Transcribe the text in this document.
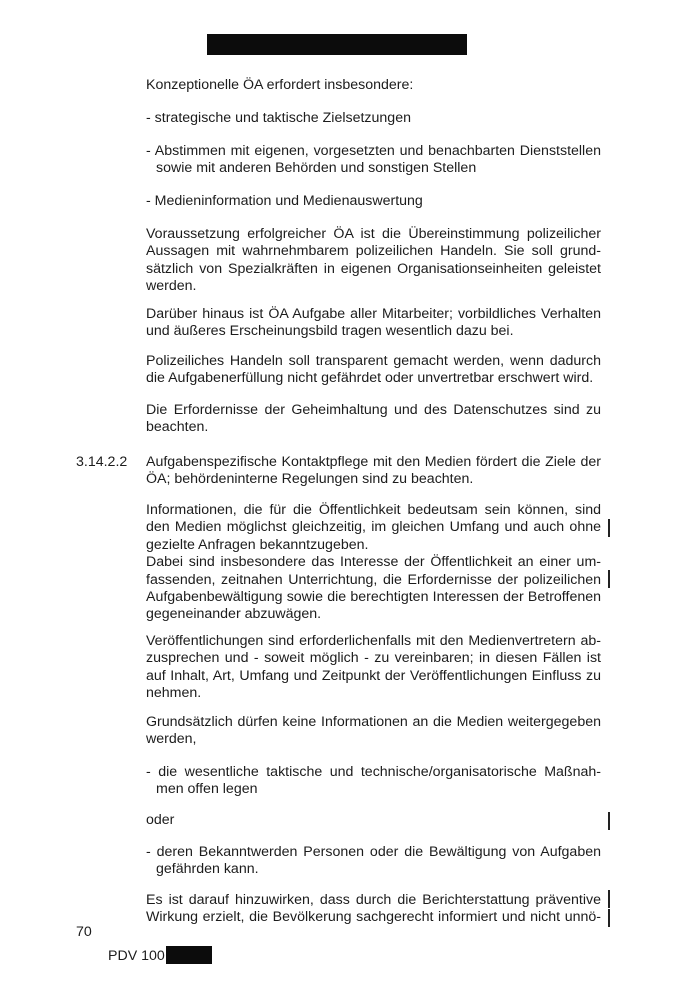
Konzeptionelle ÖA erfordert insbesondere:
- strategische und taktische Zielsetzungen
- Abstimmen mit eigenen, vorgesetzten und benachbarten Dienststellen
sowie mit anderen Behörden und sonstigen Stellen
- Medieninformation und Medienauswertung
Voraussetzung erfolgreicher ÖA ist die Übereinstimmung polizeilicher
Aussagen mit wahrnehmbarem polizeilichen Handeln. Sie soll grund-
sätzlich von Spezialkräften in eigenen Organisationseinheiten geleistet
werden.
Darüber hinaus ist ÖA Aufgabe aller Mitarbeiter; vorbildliches Verhalten
und äußeres Erscheinungsbild tragen wesentlich dazu bei.
Polizeiliches Handeln soll transparent gemacht werden, wenn dadurch
die Aufgabenerfüllung nicht gefährdet oder unvertretbar erschwert wird.
Die Erfordernisse der Geheimhaltung und des Datenschutzes sind zu
beachten.
3.14.2.2 Aufgabenspezifische Kontaktpflege mit den Medien fördert die Ziele der
ÖA; behördeninterne Regelungen sind zu beachten.
Informationen, die für die Öffentlichkeit bedeutsam sein können, sind
den Medien möglichst gleichzeitig, im gleichen Umfang und auch ohne
gezielte Anfragen bekanntzugeben.
Dabei sind insbesondere das Interesse der Öffentlichkeit an einer um-
fassenden, zeitnahen Unterrichtung, die Erfordernisse der polizeilichen
Aufgabenbewältigung sowie die berechtigten Interessen der Betroffenen
gegeneinander abzuwägen.
Veröffentlichungen sind erforderlichenfalls mit den Medienvertretern ab-
zusprechen und - soweit möglich - zu vereinbaren; in diesen Fällen ist
auf Inhalt, Art, Umfang und Zeitpunkt der Veröffentlichungen Einfluss zu
nehmen.
Grundsätzlich dürfen keine Informationen an die Medien weitergegeben
werden,
- die wesentliche taktische und technische/organisatorische Maßnah-
men offen legen
oder
- deren Bekanntwerden Personen oder die Bewältigung von Aufgaben
gefährden kann.
Es ist darauf hinzuwirken, dass durch die Berichterstattung präventive
Wirkung erzielt, die Bevölkerung sachgerecht informiert und nicht unnö-
70
PDV 100
